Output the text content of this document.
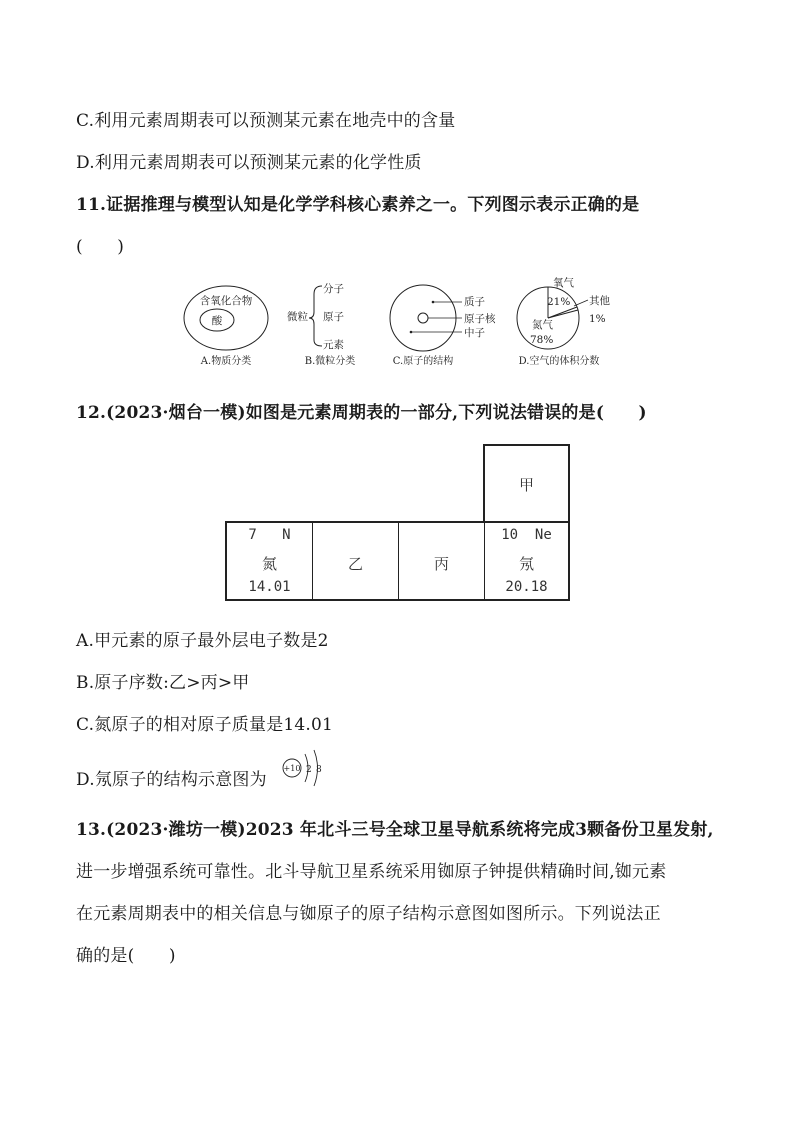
C.利用元素周期表可以预测某元素在地壳中的含量
D.利用元素周期表可以预测某元素的化学性质
11.证据推理与模型认知是化学学科核心素养之一。下列图示表示正确的是
(　　)
含氧化合物
酸
A.物质分类
微粒
分子
原子
元素
B.微粒分类
质子
原子核
中子
C.原子的结构
氧气
21% 其他
1%
氮气
78%
D.空气的体积分数
12.(2023·烟台一模)如图是元素周期表的一部分,下列说法错误的是(　　)
甲
7 N
氮
14.01
乙	丙
10 Ne
氖
20.18
A.甲元素的原子最外层电子数是2
B.原子序数:乙>丙>甲
C.氮原子的相对原子质量是14.01
D.氖原子的结构示意图为
+10 2 8
13.(2023·潍坊一模)2023 年北斗三号全球卫星导航系统将完成3颗备份卫星发射,
进一步增强系统可靠性。北斗导航卫星系统采用铷原子钟提供精确时间,铷元素
在元素周期表中的相关信息与铷原子的原子结构示意图如图所示。下列说法正
确的是(　　)
